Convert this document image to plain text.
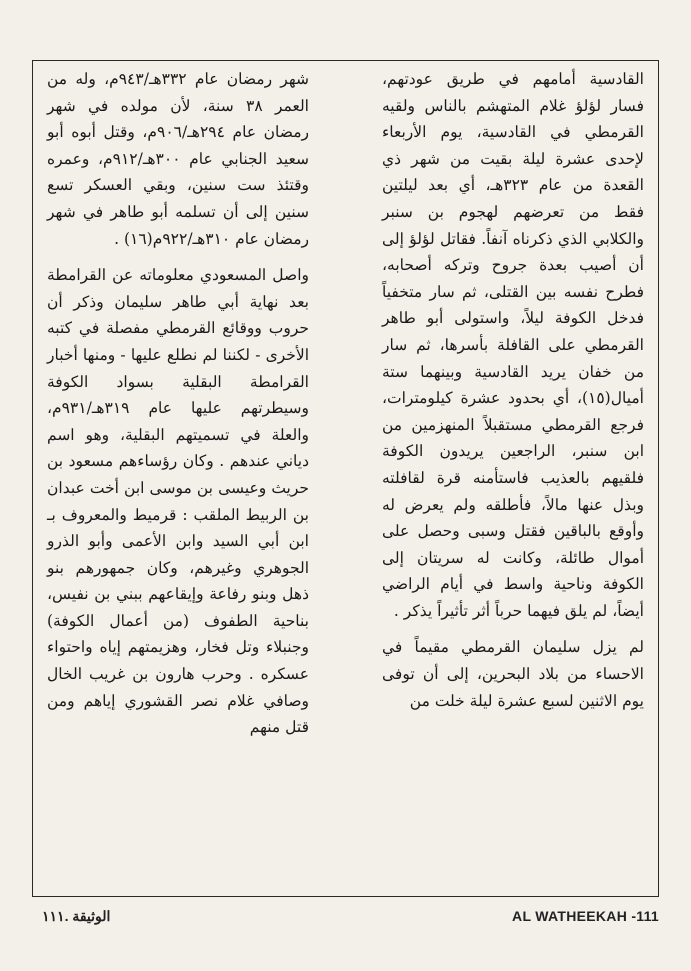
القادسية أمامهم في طريق عودتهم، فسار لؤلؤ غلام المتهشم بالناس ولقيه القرمطي في القادسية، يوم الأربعاء لإحدى عشرة ليلة بقيت من شهر ذي القعدة من عام ٣٢٣هـ، أي بعد ليلتين فقط من تعرضهم لهجوم بن سنبر والكلابي الذي ذكرناه آنفاً. فقاتل لؤلؤ إلى أن أصيب بعدة جروح وتركه أصحابه، فطرح نفسه بين القتلى، ثم سار متخفياً فدخل الكوفة ليلاً، واستولى أبو طاهر القرمطي على القافلة بأسرها، ثم سار من خفان يريد القادسية وبينهما ستة أميال(١٥)، أي بحدود عشرة كيلومترات، فرجع القرمطي مستقبلاً المنهزمين من ابن سنبر، الراجعين يريدون الكوفة فلقيهم بالعذيب فاستأمنه قرة لقافلته وبذل عنها مالاً، فأطلقه ولم يعرض له وأوقع بالباقين فقتل وسبى وحصل على أموال طائلة، وكانت له سريتان إلى الكوفة وناحية واسط في أيام الراضي أيضاً، لم يلق فيهما حرباً أثر تأثيراً يذكر .

لم يزل سليمان القرمطي مقيماً في الاحساء من بلاد البحرين، إلى أن توفى يوم الاثنين لسبع عشرة ليلة خلت من

شهر رمضان عام ٣٣٢هـ/٩٤٣م، وله من العمر ٣٨ سنة، لأن مولده في شهر رمضان عام ٢٩٤هـ/٩٠٦م، وقتل أبوه أبو سعيد الجنابي عام ٣٠٠هـ/٩١٢م، وعمره وقتئذ ست سنين، وبقي العسكر تسع سنين إلى أن تسلمه أبو طاهر في شهر رمضان عام ٣١٠هـ/٩٢٢م(١٦) .

واصل المسعودي معلوماته عن القرامطة بعد نهاية أبي طاهر سليمان وذكر أن حروب ووقائع القرمطي مفصلة في كتبه الأخرى - لكننا لم نطلع عليها - ومنها أخبار القرامطة البقلية بسواد الكوفة وسيطرتهم عليها عام ٣١٩هـ/٩٣١م، والعلة في تسميتهم البقلية، وهو اسم دياني عندهم . وكان رؤساءهم مسعود بن حريث وعيسى بن موسى ابن أخت عبدان بن الربيط الملقب : قرميط والمعروف بـ ابن أبي السيد وابن الأعمى وأبو الذرو الجوهري وغيرهم، وكان جمهورهم بنو ذهل وبنو رفاعة وإيقاعهم ببني بن نفيس، بناحية الطفوف (من أعمال الكوفة) وجنبلاء وتل فخار، وهزيمتهم إياه واحتواء عسكره . وحرب هارون بن غريب الخال وصافي غلام نصر القشوري إياهم ومن قتل منهم

الوثيقة .١١١	AL WATHEEKAH -111
